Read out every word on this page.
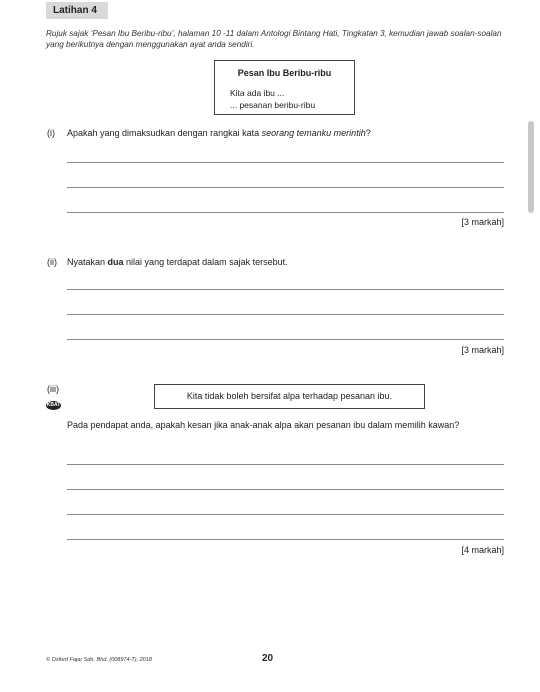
Latihan 4
Rujuk sajak ‘Pesan Ibu Beribu-ribu’, halaman 10 -11 dalam Antologi Bintang Hati, Tingkatan 3, kemudian jawab soalan-soalan yang berikutnya dengan menggunakan ayat anda sendiri.
Pesan Ibu Beribu-ribu
Kita ada ibu ...
... pesanan beribu-ribu
(i) Apakah yang dimaksudkan dengan rangkai kata seorang temanku merintih?
[3 markah]
(ii) Nyatakan dua nilai yang terdapat dalam sajak tersebut.
[3 markah]
(iii)
KBAT
Kita tidak boleh bersifat alpa terhadap pesanan ibu.
Pada pendapat anda, apakah kesan jika anak-anak alpa akan pesanan ibu dalam memilih kawan?
[4 markah]
© Oxford Fajar Sdn. Bhd. (008974-T), 2018	20
